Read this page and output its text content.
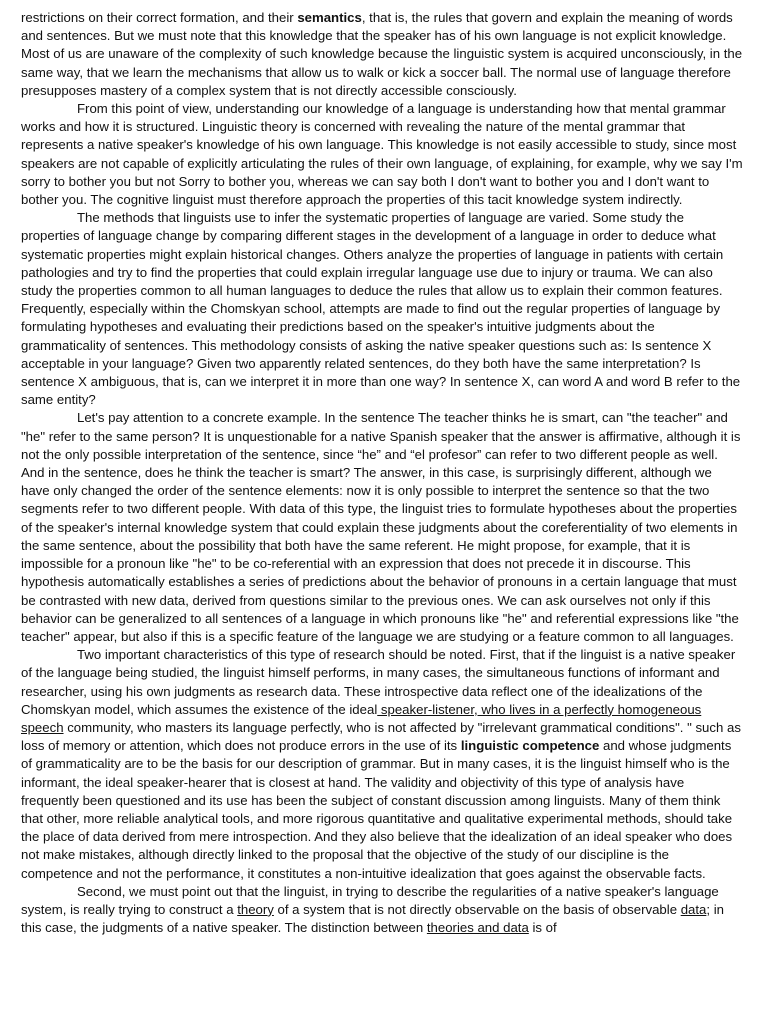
restrictions on their correct formation, and their semantics, that is, the rules that govern and explain the meaning of words and sentences. But we must note that this knowledge that the speaker has of his own language is not explicit knowledge. Most of us are unaware of the complexity of such knowledge because the linguistic system is acquired unconsciously, in the same way, that we learn the mechanisms that allow us to walk or kick a soccer ball. The normal use of language therefore presupposes mastery of a complex system that is not directly accessible consciously.

From this point of view, understanding our knowledge of a language is understanding how that mental grammar works and how it is structured. Linguistic theory is concerned with revealing the nature of the mental grammar that represents a native speaker's knowledge of his own language. This knowledge is not easily accessible to study, since most speakers are not capable of explicitly articulating the rules of their own language, of explaining, for example, why we say I'm sorry to bother you but not Sorry to bother you, whereas we can say both I don't want to bother you and I don't want to bother you. The cognitive linguist must therefore approach the properties of this tacit knowledge system indirectly.

The methods that linguists use to infer the systematic properties of language are varied. Some study the properties of language change by comparing different stages in the development of a language in order to deduce what systematic properties might explain historical changes. Others analyze the properties of language in patients with certain pathologies and try to find the properties that could explain irregular language use due to injury or trauma. We can also study the properties common to all human languages to deduce the rules that allow us to explain their common features. Frequently, especially within the Chomskyan school, attempts are made to find out the regular properties of language by formulating hypotheses and evaluating their predictions based on the speaker's intuitive judgments about the grammaticality of sentences. This methodology consists of asking the native speaker questions such as: Is sentence X acceptable in your language? Given two apparently related sentences, do they both have the same interpretation? Is sentence X ambiguous, that is, can we interpret it in more than one way? In sentence X, can word A and word B refer to the same entity?

Let's pay attention to a concrete example. In the sentence The teacher thinks he is smart, can "the teacher" and "he" refer to the same person? It is unquestionable for a native Spanish speaker that the answer is affirmative, although it is not the only possible interpretation of the sentence, since “he” and “el profesor” can refer to two different people as well. And in the sentence, does he think the teacher is smart? The answer, in this case, is surprisingly different, although we have only changed the order of the sentence elements: now it is only possible to interpret the sentence so that the two segments refer to two different people. With data of this type, the linguist tries to formulate hypotheses about the properties of the speaker's internal knowledge system that could explain these judgments about the coreferentiality of two elements in the same sentence, about the possibility that both have the same referent. He might propose, for example, that it is impossible for a pronoun like "he" to be co-referential with an expression that does not precede it in discourse. This hypothesis automatically establishes a series of predictions about the behavior of pronouns in a certain language that must be contrasted with new data, derived from questions similar to the previous ones. We can ask ourselves not only if this behavior can be generalized to all sentences of a language in which pronouns like "he" and referential expressions like "the teacher" appear, but also if this is a specific feature of the language we are studying or a feature common to all languages.

Two important characteristics of this type of research should be noted. First, that if the linguist is a native speaker of the language being studied, the linguist himself performs, in many cases, the simultaneous functions of informant and researcher, using his own judgments as research data. These introspective data reflect one of the idealizations of the Chomskyan model, which assumes the existence of the ideal speaker-listener, who lives in a perfectly homogeneous speech community, who masters its language perfectly, who is not affected by "irrelevant grammatical conditions". " such as loss of memory or attention, which does not produce errors in the use of its linguistic competence and whose judgments of grammaticality are to be the basis for our description of grammar. But in many cases, it is the linguist himself who is the informant, the ideal speaker-hearer that is closest at hand. The validity and objectivity of this type of analysis have frequently been questioned and its use has been the subject of constant discussion among linguists. Many of them think that other, more reliable analytical tools, and more rigorous quantitative and qualitative experimental methods, should take the place of data derived from mere introspection. And they also believe that the idealization of an ideal speaker who does not make mistakes, although directly linked to the proposal that the objective of the study of our discipline is the competence and not the performance, it constitutes a non-intuitive idealization that goes against the observable facts.

Second, we must point out that the linguist, in trying to describe the regularities of a native speaker's language system, is really trying to construct a theory of a system that is not directly observable on the basis of observable data; in this case, the judgments of a native speaker. The distinction between theories and data is of
